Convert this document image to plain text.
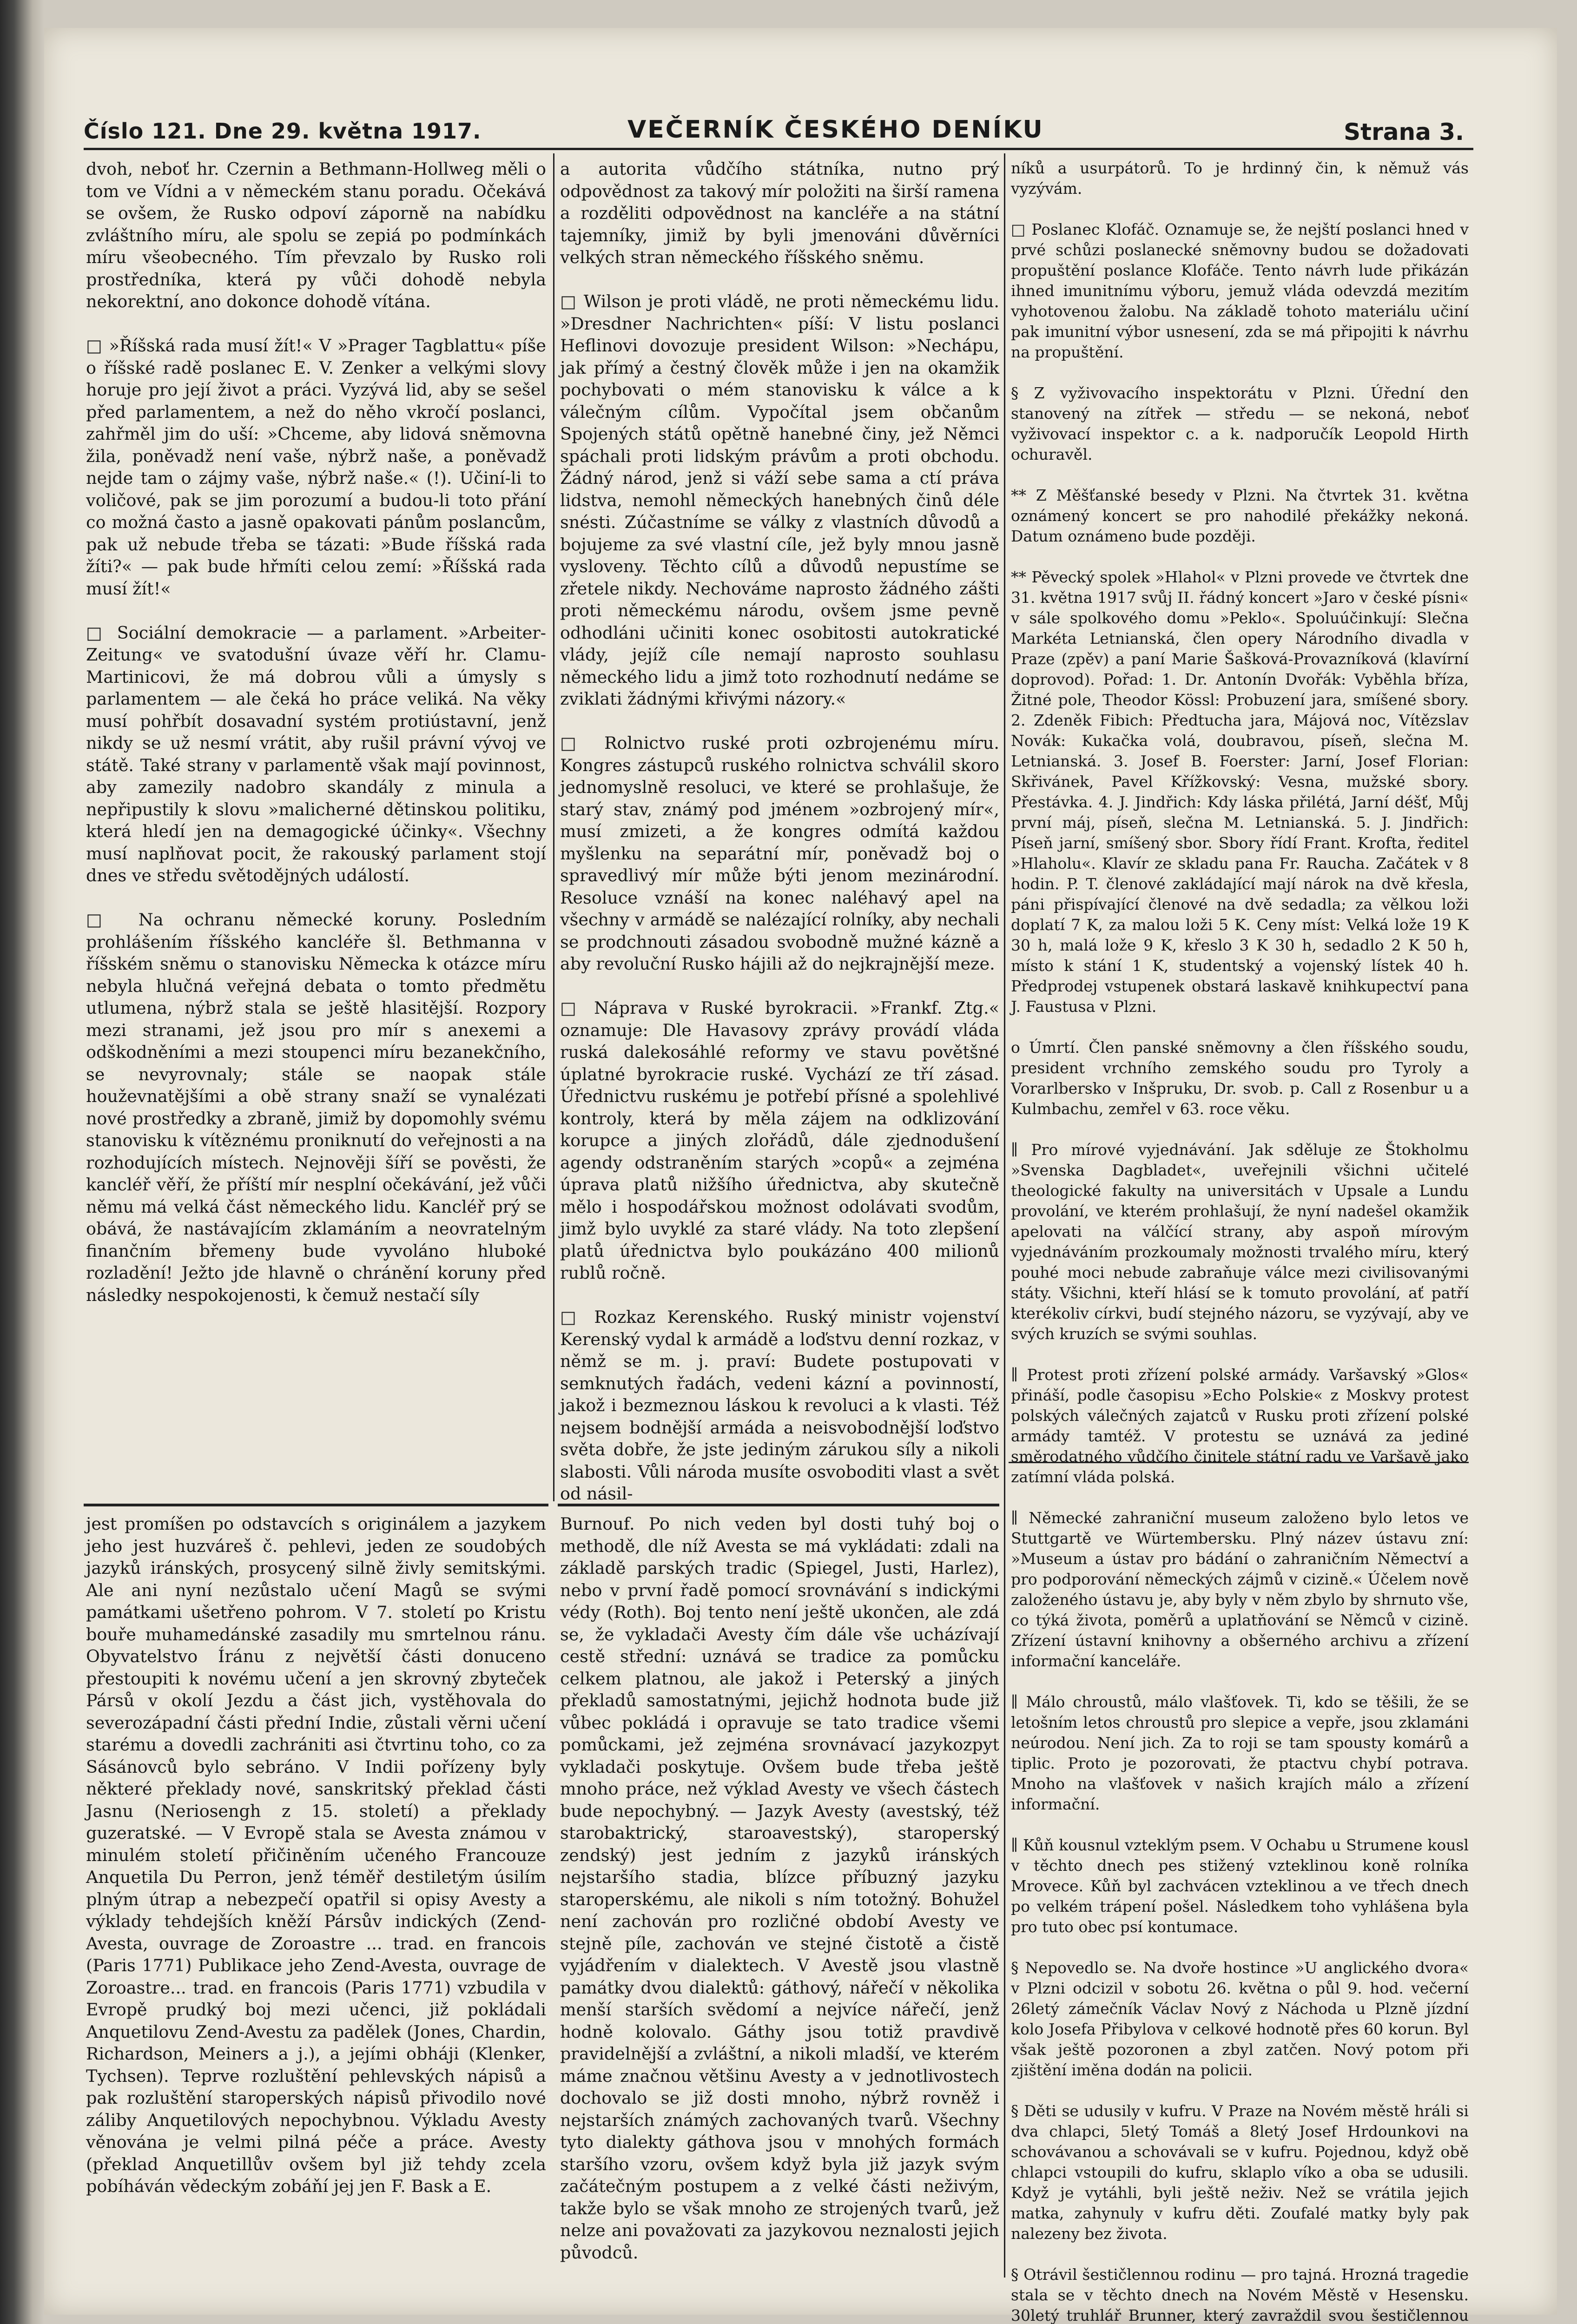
Číslo 121. Dne 29. května 1917.	VEČERNÍK ČESKÉHO DENÍKU	Strana 3.
dvoh, neboť hr. Czernin a Bethmann-Hollweg měli o tom ve Vídni a v německém stanu poradu. Očekává se ovšem, že Rusko odpoví záporně na nabídku zvláštního míru, ale spolu se zepiá po podmínkách míru všeobecného. Tím převzalo by Rusko roli prostředníka, která py vůči dohodě nebyla nekorektní, ano dokonce dohodě vítána.

□ »Říšská rada musí žít!« V »Prager Tagblattu« píše o říšské radě poslanec E. V. Zenker a velkými slovy horuje pro její život a práci. Vyzývá lid, aby se sešel před parlamentem, a než do něho vkročí poslanci, zahřměl jim do uší: »Chceme, aby lidová sněmovna žila, poněvadž není vaše, nýbrž naše, a poněvadž nejde tam o zájmy vaše, nýbrž naše.« (!). Učiní-li to voličové, pak se jim porozumí a budou-li toto přání co možná často a jasně opakovati pánům poslancům, pak už nebude třeba se tázati: »Bude říšská rada žíti?« — pak bude hřmíti celou zemí: »Říšská rada musí žít!«

□ Sociální demokracie — a parlament. »Arbeiter-Zeitung« ve svatodušní úvaze věří hr. Clamu-Martinicovi, že má dobrou vůli a úmysly s parlamentem — ale čeká ho práce veliká. Na věky musí pohřbít dosavadní systém protiústavní, jenž nikdy se už nesmí vrátit, aby rušil právní vývoj ve státě. Také strany v parlamentě však mají povinnost, aby zamezily nadobro skandály z minula a nepřipustily k slovu »malicherné dětinskou politiku, která hledí jen na demagogické účinky«. Všechny musí naplňovat pocit, že rakouský parlament stojí dnes ve středu světodějných událostí.

□ Na ochranu německé koruny. Posledním prohlášením říšského kancléře šl. Bethmanna v říšském sněmu o stanovisku Německa k otázce míru nebyla hlučná veřejná debata o tomto předmětu utlumena, nýbrž stala se ještě hlasitější. Rozpory mezi stranami, jež jsou pro mír s anexemi a odškodněními a mezi stoupenci míru bezanekčního, se nevyrovnaly; stále se naopak stále houževnatějšími a obě strany snaží se vynalézati nové prostředky a zbraně, jimiž by dopomohly svému stanovisku k vítěznému proniknutí do veřejnosti a na rozhodujících místech. Nejnověji šíří se pověsti, že kancléř věří, že příští mír nesplní očekávání, jež vůči němu má velká část německého lidu. Kancléř prý se obává, že nastávajícím zklamáním a neovratelným finančním břemeny bude vyvoláno hluboké rozladění! Ježto jde hlavně o chránění koruny před následky nespokojenosti, k čemuž nestačí síly
a autorita vůdčího státníka, nutno prý odpovědnost za takový mír položiti na širší ramena a rozděliti odpovědnost na kancléře a na státní tajemníky, jimiž by byli jmenováni důvěrníci velkých stran německého říšského sněmu.

□ Wilson je proti vládě, ne proti německému lidu. »Dresdner Nachrichten« píší: V listu poslanci Heflinovi dovozuje president Wilson: »Nechápu, jak přímý a čestný člověk může i jen na okamžik pochybovati o mém stanovisku k válce a k válečným cílům. Vypočítal jsem občanům Spojených států opětně hanebné činy, jež Němci spáchali proti lidským právům a proti obchodu. Žádný národ, jenž si váží sebe sama a ctí práva lidstva, nemohl německých hanebných činů déle snésti. Zúčastníme se války z vlastních důvodů a bojujeme za své vlastní cíle, jež byly mnou jasně vysloveny. Těchto cílů a důvodů nepustíme se zřetele nikdy. Nechováme naprosto žádného zášti proti německému národu, ovšem jsme pevně odhodláni učiniti konec osobitosti autokratické vlády, jejíž cíle nemají naprosto souhlasu německého lidu a jimž toto rozhodnutí nedáme se zviklati žádnými křivými názory.«

□ Rolnictvo ruské proti ozbrojenému míru. Kongres zástupců ruského rolnictva schválil skoro jednomyslně resoluci, ve které se prohlašuje, že starý stav, známý pod jménem »ozbrojený mír«, musí zmizeti, a že kongres odmítá každou myšlenku na separátní mír, poněvadž boj o spravedlivý mír může býti jenom mezinárodní. Resoluce vznáší na konec naléhavý apel na všechny v armádě se nalézající rolníky, aby nechali se prodchnouti zásadou svobodně mužné kázně a aby revoluční Rusko hájili až do nejkrajnější meze.

□ Náprava v Ruské byrokracii. »Frankf. Ztg.« oznamuje: Dle Havasovy zprávy provádí vláda ruská dalekosáhlé reformy ve stavu povětšné úplatné byrokracie ruské. Vychází ze tří zásad. Úřednictvu ruskému je potřebí přísné a spolehlivé kontroly, která by měla zájem na odklizování korupce a jiných zlořádů, dále zjednodušení agendy odstraněním starých »copů« a zejména úprava platů nižšího úřednictva, aby skutečně mělo i hospodářskou možnost odolávati svodům, jimž bylo uvyklé za staré vlády. Na toto zlepšení platů úřednictva bylo poukázáno 400 milionů rublů ročně.

□ Rozkaz Kerenského. Ruský ministr vojenství Kerenský vydal k armádě a loďstvu denní rozkaz, v němž se m. j. praví: Budete postupovati v semknutých řadách, vedeni kázní a povinností, jakož i bezmeznou láskou k revoluci a k vlasti. Též nejsem bodnější armáda a neisvobodnější loďstvo světa dobře, že jste jediným zárukou síly a nikoli slabosti. Vůli národa musíte osvoboditi vlast a svět od násil-
níků a usurpátorů. To je hrdinný čin, k němuž vás vyzývám.

□ Poslanec Klofáč. Oznamuje se, že nejští poslanci hned v prvé schůzi poslanecké sněmovny budou se dožadovati propuštění poslance Klofáče. Tento návrh lude přikázán ihned imunitnímu výboru, jemuž vláda odevzdá mezitím vyhotovenou žalobu. Na základě tohoto materiálu učiní pak imunitní výbor usnesení, zda se má připojiti k návrhu na propuštění.

§ Z vyživovacího inspektorátu v Plzni. Úřední den stanovený na zítřek — středu — se nekoná, neboť vyživovací inspektor c. a k. nadporučík Leopold Hirth ochuravěl.

** Z Měšťanské besedy v Plzni. Na čtvrtek 31. května oznámený koncert se pro nahodilé překážky nekoná. Datum oznámeno bude později.

** Pěvecký spolek »Hlahol« v Plzni provede ve čtvrtek dne 31. května 1917 svůj II. řádný koncert »Jaro v české písni« v sále spolkového domu »Peklo«. Spoluúčinkují: Slečna Markéta Letnianská, člen opery Národního divadla v Praze (zpěv) a paní Marie Šašková-Provazníková (klavírní doprovod). Pořad: 1. Dr. Antonín Dvořák: Vyběhla bříza, Žitné pole, Theodor Kössl: Probuzení jara, smíšené sbory. 2. Zdeněk Fibich: Předtucha jara, Májová noc, Vítězslav Novák: Kukačka volá, doubravou, píseň, slečna M. Letnianská. 3. Josef B. Foerster: Jarní, Josef Florian: Skřivánek, Pavel Křížkovský: Vesna, mužské sbory. Přestávka. 4. J. Jindřich: Kdy láska přilétá, Jarní déšť, Můj první máj, píseň, slečna M. Letnianská. 5. J. Jindřich: Píseň jarní, smíšený sbor. Sbory řídí Frant. Krofta, ředitel »Hlaholu«. Klavír ze skladu pana Fr. Raucha. Začátek v 8 hodin. P. T. členové zakládající mají nárok na dvě křesla, páni přispívající členové na dvě sedadla; za vělkou loži doplatí 7 K, za malou loži 5 K. Ceny míst: Velká lože 19 K 30 h, malá lože 9 K, křeslo 3 K 30 h, sedadlo 2 K 50 h, místo k stání 1 K, studentský a vojenský lístek 40 h. Předprodej vstupenek obstará laskavě knihkupectví pana J. Faustusa v Plzni.

o Úmrtí. Člen panské sněmovny a člen říšského soudu, president vrchního zemského soudu pro Tyroly a Vorarlbersko v Inšpruku, Dr. svob. p. Call z Rosenbur u a Kulmbachu, zemřel v 63. roce věku.

∥ Pro mírové vyjednávání. Jak sděluje ze Štokholmu »Svenska Dagbladet«, uveřejnili všichni učitelé theologické fakulty na universitách v Upsale a Lundu provolání, ve kterém prohlašují, že nyní nadešel okamžik apelovati na válčící strany, aby aspoň mírovým vyjednáváním prozkoumaly možnosti trvalého míru, který pouhé moci nebude zabraňuje válce mezi civilisovanými státy. Všichni, kteří hlásí se k tomuto provolání, ať patří kterékoliv církvi, budí stejného názoru, se vyzývají, aby ve svých kruzích se svými souhlas.

∥ Protest proti zřízení polské armády. Varšavský »Glos« přináší, podle časopisu »Echo Polskie« z Moskvy protest polských válečných zajatců v Rusku proti zřízení polské armády tamtéž. V protestu se uznává za jediné směrodatného vůdčího činitele státní radu ve Varšavě jako zatímní vláda polská.

∥ Německé zahraniční museum založeno bylo letos ve Stuttgartě ve Würtembersku. Plný název ústavu zní: »Museum a ústav pro bádání o zahraničním Němectví a pro podporování německých zájmů v cizině.« Účelem nově založeného ústavu je, aby byly v něm zbylo by shrnuto vše, co týká života, poměrů a uplatňování se Němců v cizině. Zřízení ústavní knihovny a obšerného archivu a zřízení informační kanceláře.

∥ Málo chroustů, málo vlašťovek. Ti, kdo se těšili, že se letošním letos chroustů pro slepice a vepře, jsou zklamáni neúrodou. Není jich. Za to roji se tam spousty komárů a tiplic. Proto je pozorovati, že ptactvu chybí potrava. Mnoho na vlašťovek v našich krajích málo a zřízení informační.

∥ Kůň kousnul vzteklým psem. V Ochabu u Strumene kousl v těchto dnech pes stižený vzteklinou koně rolníka Mrovece. Kůň byl zachvácen vzteklinou a ve třech dnech po velkém trápení pošel. Následkem toho vyhlášena byla pro tuto obec psí kontumace.

§ Nepovedlo se. Na dvoře hostince »U anglického dvora« v Plzni odcizil v sobotu 26. května o půl 9. hod. večerní 26letý zámečník Václav Nový z Náchoda u Plzně jízdní kolo Josefa Přibylova v celkové hodnotě přes 60 korun. Byl však ještě pozoronen a zbyl zatčen. Nový potom při zjištění iměna dodán na policii.

§ Děti se udusily v kufru. V Praze na Novém městě hráli si dva chlapci, 5letý Tomáš a 8letý Josef Hrdounkovi na schovávanou a schovávali se v kufru. Pojednou, když obě chlapci vstoupili do kufru, sklaplo víko a oba se udusili. Když je vytáhli, byli ještě neživ. Než se vrátila jejich matka, zahynuly v kufru děti. Zoufalé matky byly pak nalezeny bez života.

§ Otrávil šestičlennou rodinu — pro tajná. Hrozná tragedie stala se v těchto dnech na Novém Městě v Hesensku. 30letý truhlář Brunner, který zavraždil svou šestičlennou
jest promíšen po odstavcích s originálem a jazykem jeho jest huzváreš č. pehlevi, jeden ze soudobých jazyků iránských, prosycený silně živly semitskými. Ale ani nyní nezůstalo učení Magů se svými památkami ušetřeno pohrom. V 7. století po Kristu bouře muhamedánské zasadily mu smrtelnou ránu. Obyvatelstvo Íránu z největší části donuceno přestoupiti k novému učení a jen skrovný zbyteček Pársů v okolí Jezdu a část jich, vystěhovala do severozápadní části přední Indie, zůstali věrni učení starému a dovedli zachrániti asi čtvrtinu toho, co za Sásánovců bylo sebráno. V Indii pořízeny byly některé překlady nové, sanskritský překlad části Jasnu (Neriosengh z 15. století) a překlady guzeratské. — V Evropě stala se Avesta známou v minulém století přičiněním učeného Francouze Anquetila Du Perron, jenž téměř destiletým úsilím plným útrap a nebezpečí opatřil si opisy Avesty a výklady tehdejších kněží Pársův indických (Zend-Avesta, ouvrage de Zoroastre ... trad. en francois (Paris 1771) Publikace jeho Zend-Avesta, ouvrage de Zoroastre... trad. en francois (Paris 1771) vzbudila v Evropě prudký boj mezi učenci, již pokládali Anquetilovu Zend-Avestu za padělek (Jones, Chardin, Richardson, Meiners a j.), a jejími obháji (Klenker, Tychsen). Teprve rozluštění pehlevských nápisů a pak rozluštění staroperských nápisů přivodilo nové záliby Anquetilových nepochybnou. Výkladu Avesty věnována je velmi pilná péče a práce. Avesty (překlad Anquetillův ovšem byl již tehdy zcela pobíháván vědeckým zobáňí jej jen F. Bask a E.
Burnouf. Po nich veden byl dosti tuhý boj o methodě, dle níž Avesta se má vykládati: zdali na základě parských tradic (Spiegel, Justi, Harlez), nebo v první řadě pomocí srovnávání s indickými védy (Roth). Boj tento není ještě ukončen, ale zdá se, že vykladači Avesty čím dále vše ucházívají cestě střední: uznává se tradice za pomůcku celkem platnou, ale jakož i Peterský a jiných překladů samostatnými, jejichž hodnota bude již vůbec pokládá i opravuje se tato tradice všemi pomůckami, jež zejména srovnávací jazykozpyt vykladači poskytuje. Ovšem bude třeba ještě mnoho práce, než výklad Avesty ve všech částech bude nepochybný. — Jazyk Avesty (avestský, též starobaktrický, staroavestský), staroperský zendský) jest jedním z jazyků iránských nejstaršího stadia, blízce příbuzný jazyku staroperskému, ale nikoli s ním totožný. Bohužel není zachován pro rozličné období Avesty ve stejně píle, zachován ve stejné čistotě a čistě vyjádřením v dialektech. V Avestě jsou vlastně památky dvou dialektů: gáthový, nářečí v několika menší starších svědomí a nejvíce nářečí, jenž hodně kolovalo. Gáthy jsou totiž pravdivě pravidelnější a zvláštní, a nikoli mladší, ve kterém máme značnou většinu Avesty a v jednotlivostech dochovalo se již dosti mnoho, nýbrž rovněž i nejstarších známých zachovaných tvarů. Všechny tyto dialekty gáthova jsou v mnohých formách staršího vzoru, ovšem když byla již jazyk svým začátečným postupem a z velké části neživým, takže bylo se však mnoho ze strojených tvarů, jež nelze ani považovati za jazykovou neznalosti jejich původců.
